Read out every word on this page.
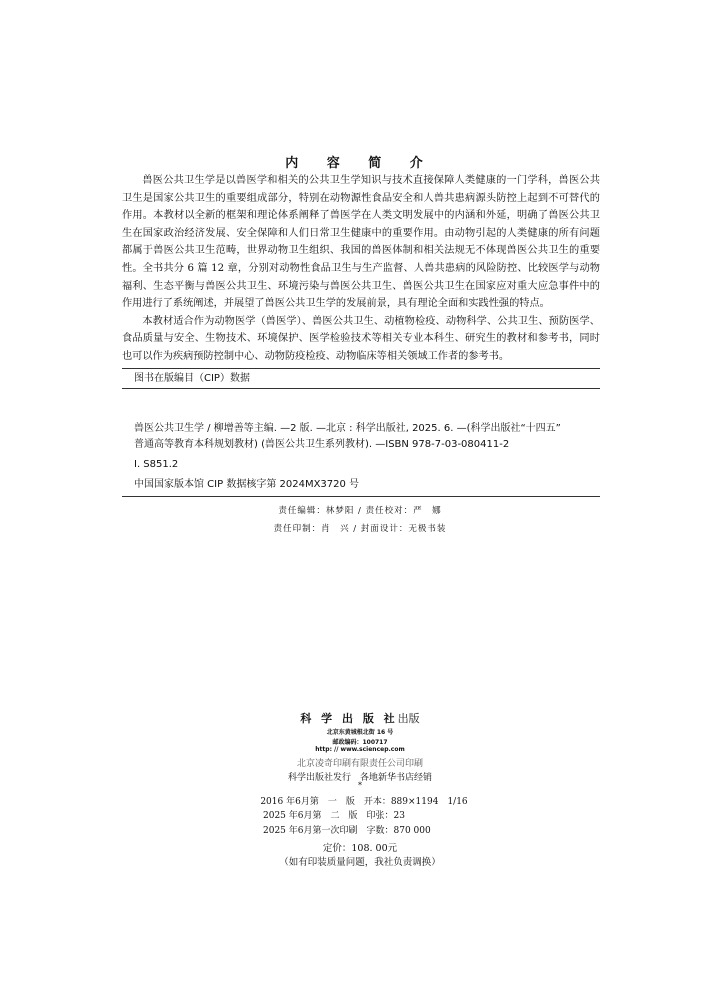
内 容 简 介

兽医公共卫生学是以兽医学和相关的公共卫生学知识与技术直接保障人类健康的一门学科，兽医公共卫生是国家公共卫生的重要组成部分，特别在动物源性食品安全和人兽共患病源头防控上起到不可替代的作用。本教材以全新的框架和理论体系阐释了兽医学在人类文明发展中的内涵和外延，明确了兽医公共卫生在国家政治经济发展、安全保障和人们日常卫生健康中的重要作用。由动物引起的人类健康的所有问题都属于兽医公共卫生范畴，世界动物卫生组织、我国的兽医体制和相关法规无不体现兽医公共卫生的重要性。全书共分 6 篇 12 章，分别对动物性食品卫生与生产监督、人兽共患病的风险防控、比较医学与动物福利、生态平衡与兽医公共卫生、环境污染与兽医公共卫生、兽医公共卫生在国家应对重大应急事件中的作用进行了系统阐述，并展望了兽医公共卫生学的发展前景，具有理论全面和实践性强的特点。

本教材适合作为动物医学（兽医学）、兽医公共卫生、动植物检疫、动物科学、公共卫生、预防医学、食品质量与安全、生物技术、环境保护、医学检验技术等相关专业本科生、研究生的教材和参考书，同时也可以作为疾病预防控制中心、动物防疫检疫、动物临床等相关领域工作者的参考书。

图书在版编目（CIP）数据
兽医公共卫生学 / 柳增善等主编. —2 版. —北京 : 科学出版社, 2025. 6. —(科学出版社“十四五”
普通高等教育本科规划教材) (兽医公共卫生系列教材). —ISBN 978-7-03-080411-2
Ⅰ. S851.2
中国国家版本馆 CIP 数据核字第 2024MX3720 号
责任编辑：林梦阳 / 责任校对：严　娜
责任印制：肖　兴 / 封面设计：无极书装
科 学 出 版 社出版
北京东黄城根北街 16 号
邮政编码：100717
http: // www.sciencep.com
北京凌奇印刷有限责任公司印刷
科学出版社发行　各地新华书店经销
*
2016 年6月第　一　版　开本：889×1194　1/16
2025 年6月第　二　版　印张：23
2025 年6月第一次印刷　字数：870 000
定价：108. 00元
（如有印装质量问题，我社负责调换）
